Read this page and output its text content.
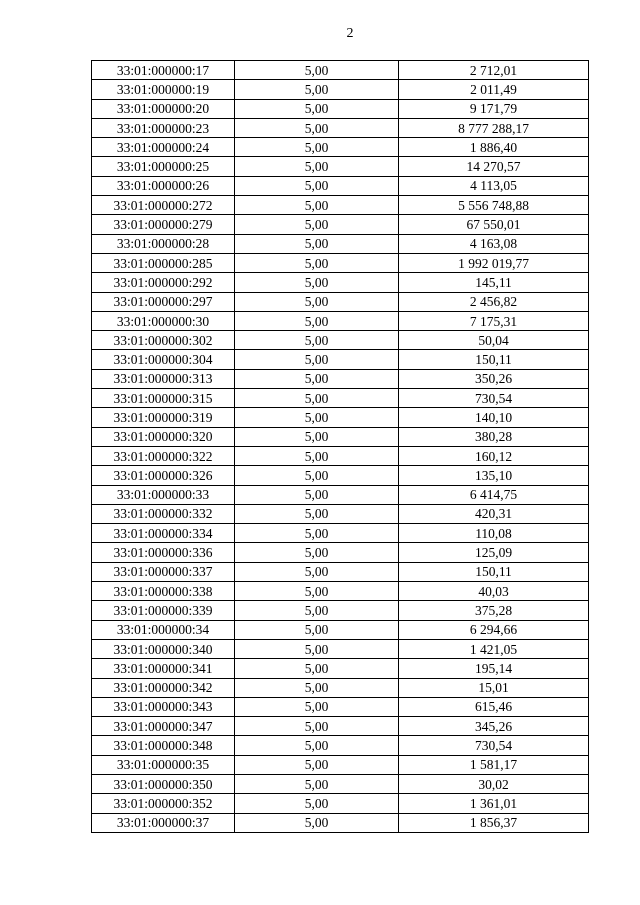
2
33:01:000000:17	5,00	2 712,01
33:01:000000:19	5,00	2 011,49
33:01:000000:20	5,00	9 171,79
33:01:000000:23	5,00	8 777 288,17
33:01:000000:24	5,00	1 886,40
33:01:000000:25	5,00	14 270,57
33:01:000000:26	5,00	4 113,05
33:01:000000:272	5,00	5 556 748,88
33:01:000000:279	5,00	67 550,01
33:01:000000:28	5,00	4 163,08
33:01:000000:285	5,00	1 992 019,77
33:01:000000:292	5,00	145,11
33:01:000000:297	5,00	2 456,82
33:01:000000:30	5,00	7 175,31
33:01:000000:302	5,00	50,04
33:01:000000:304	5,00	150,11
33:01:000000:313	5,00	350,26
33:01:000000:315	5,00	730,54
33:01:000000:319	5,00	140,10
33:01:000000:320	5,00	380,28
33:01:000000:322	5,00	160,12
33:01:000000:326	5,00	135,10
33:01:000000:33	5,00	6 414,75
33:01:000000:332	5,00	420,31
33:01:000000:334	5,00	110,08
33:01:000000:336	5,00	125,09
33:01:000000:337	5,00	150,11
33:01:000000:338	5,00	40,03
33:01:000000:339	5,00	375,28
33:01:000000:34	5,00	6 294,66
33:01:000000:340	5,00	1 421,05
33:01:000000:341	5,00	195,14
33:01:000000:342	5,00	15,01
33:01:000000:343	5,00	615,46
33:01:000000:347	5,00	345,26
33:01:000000:348	5,00	730,54
33:01:000000:35	5,00	1 581,17
33:01:000000:350	5,00	30,02
33:01:000000:352	5,00	1 361,01
33:01:000000:37	5,00	1 856,37
